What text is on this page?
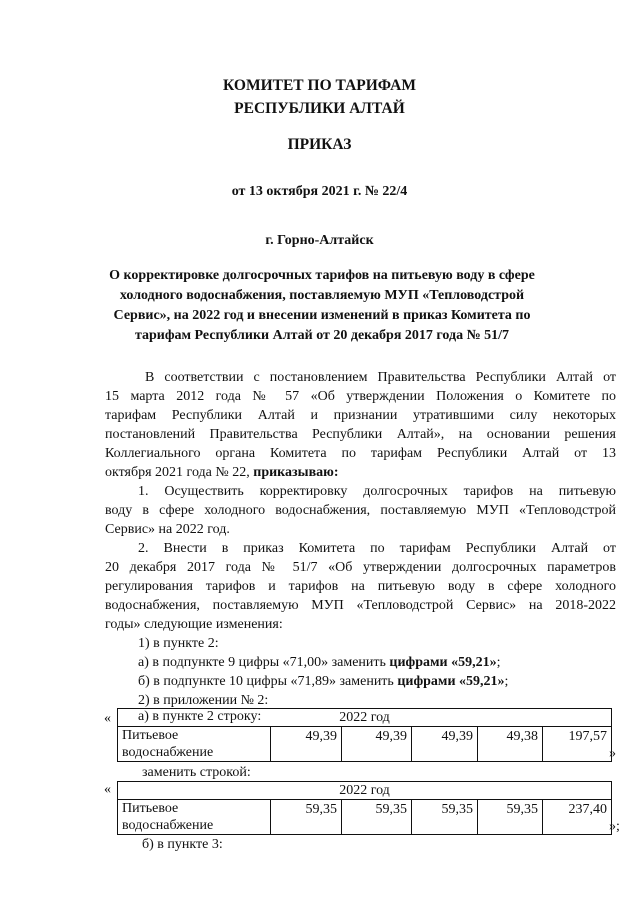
КОМИТЕТ ПО ТАРИФАМ
РЕСПУБЛИКИ АЛТАЙ
ПРИКАЗ
от 13 октября 2021 г. № 22/4
г. Горно-Алтайск
О корректировке долгосрочных тарифов на питьевую воду в сфере
холодного водоснабжения, поставляемую МУП «Тепловодстрой
Сервис», на 2022 год и внесении изменений в приказ Комитета по
тарифам Республики Алтай от 20 декабря 2017 года № 51/7
В соответствии с постановлением Правительства Республики Алтай от
15 марта 2012 года № 57 «Об утверждении Положения о Комитете по
тарифам Республики Алтай и признании утратившими силу некоторых
постановлений Правительства Республики Алтай», на основании решения
Коллегиального органа Комитета по тарифам Республики Алтай от 13
октября 2021 года № 22, приказываю:
1. Осуществить корректировку долгосрочных тарифов на питьевую
воду в сфере холодного водоснабжения, поставляемую МУП «Тепловодстрой
Сервис» на 2022 год.
2. Внести в приказ Комитета по тарифам Республики Алтай от
20 декабря 2017 года № 51/7 «Об утверждении долгосрочных параметров
регулирования тарифов и тарифов на питьевую воду в сфере холодного
водоснабжения, поставляемую МУП «Тепловодстрой Сервис» на 2018-2022
годы» следующие изменения:
1) в пункте 2:
а) в подпункте 9 цифры «71,00» заменить цифрами «59,21»;
б) в подпункте 10 цифры «71,89» заменить цифрами «59,21»;
2) в приложении № 2:
а) в пункте 2 строку:
«	2022 год
Питьевое
водоснабжение	49,39	49,39	49,39	49,38	197,57
»
заменить строкой:
«	2022 год
Питьевое
водоснабжение	59,35	59,35	59,35	59,35	237,40
»;
б) в пункте 3:
